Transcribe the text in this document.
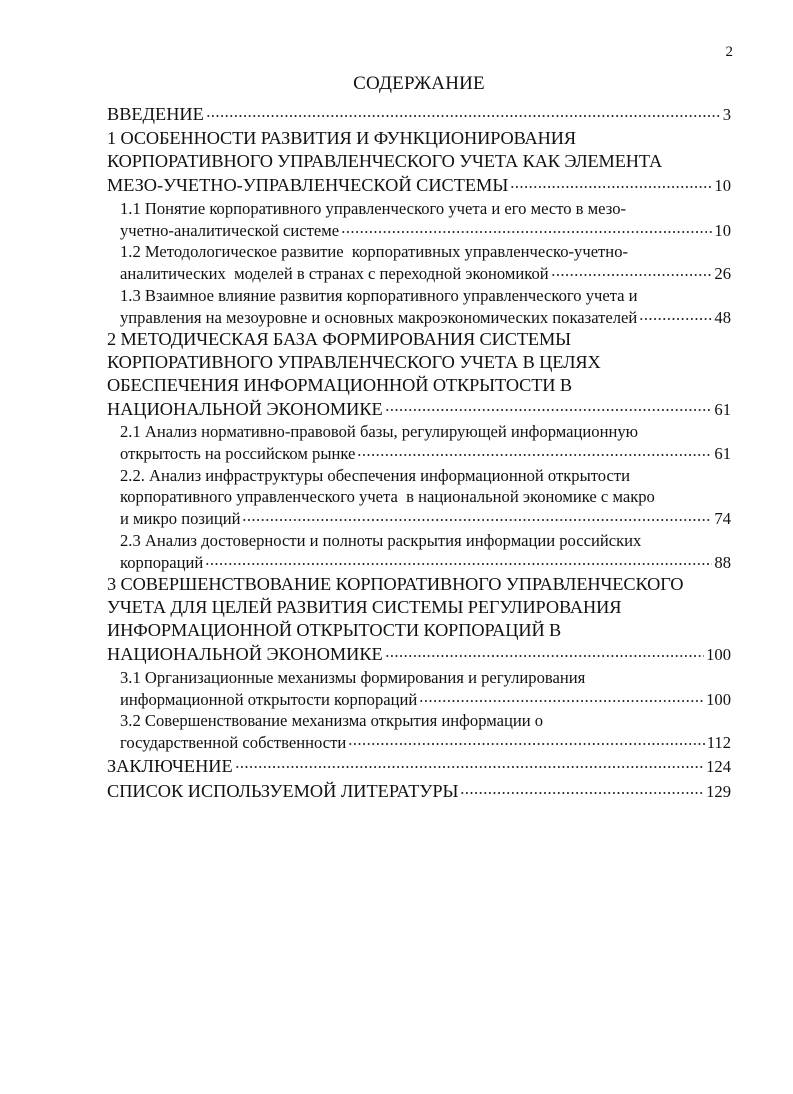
2
СОДЕРЖАНИЕ
ВВЕДЕНИЕ	3
1 ОСОБЕННОСТИ РАЗВИТИЯ И ФУНКЦИОНИРОВАНИЯ
КОРПОРАТИВНОГО УПРАВЛЕНЧЕСКОГО УЧЕТА КАК ЭЛЕМЕНТА
МЕЗО-УЧЕТНО-УПРАВЛЕНЧЕСКОЙ СИСТЕМЫ	10
1.1 Понятие корпоративного управленческого учета и его место в мезо-
учетно-аналитической системе	10
1.2 Методологическое развитие  корпоративных управленческо-учетно-
аналитических  моделей в странах с переходной экономикой	26
1.3 Взаимное влияние развития корпоративного управленческого учета и
управления на мезоуровне и основных макроэкономических показателей	48
2 МЕТОДИЧЕСКАЯ БАЗА ФОРМИРОВАНИЯ СИСТЕМЫ
КОРПОРАТИВНОГО УПРАВЛЕНЧЕСКОГО УЧЕТА В ЦЕЛЯХ
ОБЕСПЕЧЕНИЯ ИНФОРМАЦИОННОЙ ОТКРЫТОСТИ В
НАЦИОНАЛЬНОЙ ЭКОНОМИКЕ	61
2.1 Анализ нормативно-правовой базы, регулирующей информационную
открытость на российском рынке	61
2.2. Анализ инфраструктуры обеспечения информационной открытости
корпоративного управленческого учета  в национальной экономике с макро
и микро позиций	74
2.3 Анализ достоверности и полноты раскрытия информации российских
корпораций	88
3 СОВЕРШЕНСТВОВАНИЕ КОРПОРАТИВНОГО УПРАВЛЕНЧЕСКОГО
УЧЕТА ДЛЯ ЦЕЛЕЙ РАЗВИТИЯ СИСТЕМЫ РЕГУЛИРОВАНИЯ
ИНФОРМАЦИОННОЙ ОТКРЫТОСТИ КОРПОРАЦИЙ В
НАЦИОНАЛЬНОЙ ЭКОНОМИКЕ	100
3.1 Организационные механизмы формирования и регулирования
информационной открытости корпораций	100
3.2 Совершенствование механизма открытия информации о
государственной собственности	112
ЗАКЛЮЧЕНИЕ	124
СПИСОК ИСПОЛЬЗУЕМОЙ ЛИТЕРАТУРЫ	129
